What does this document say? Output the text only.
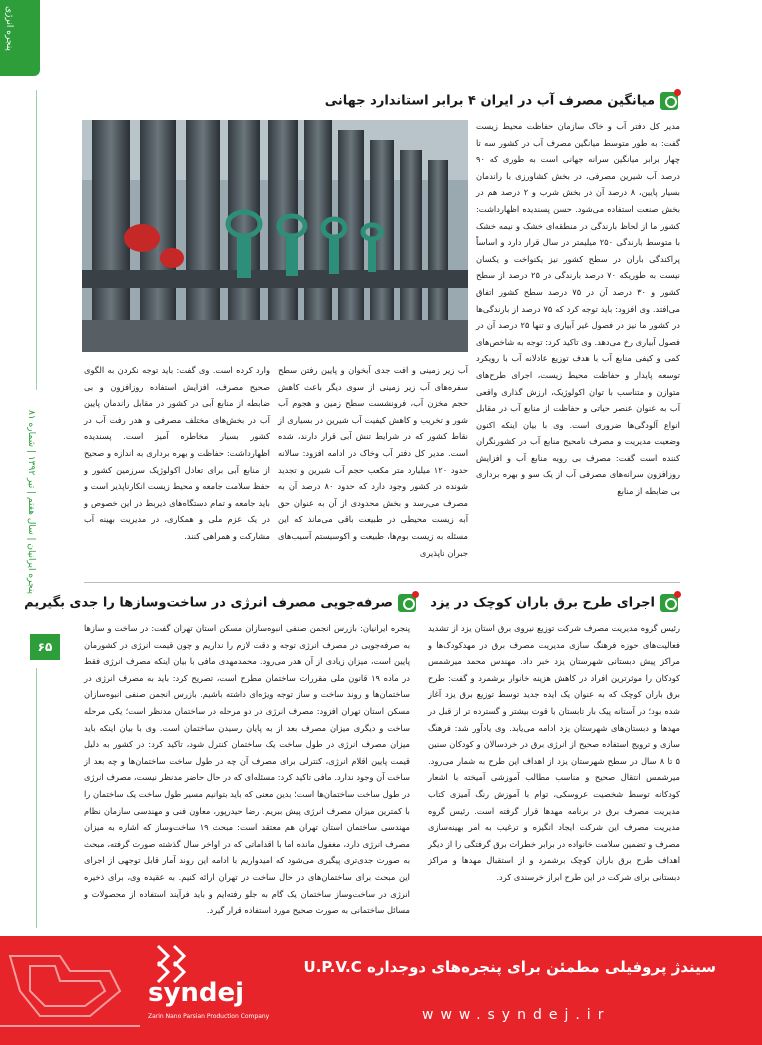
پنجره انرژی
پنجره ایرانیان | سال هفتم | تیر ۱۳۹۲ | شماره ۸۱
۶۵
میانگین مصرف آب در ایران ۴ برابر استاندارد جهانی
مدیر کل دفتر آب و خاک سازمان حفاظت محیط زیست گفت: به طور متوسط میانگین مصرف آب در کشور سه تا چهار برابر میانگین سرانه جهانی است به طوری که ۹۰ درصد آب شیرین مصرفی، در بخش کشاورزی با راندمان بسیار پایین، ۸ درصد آن در بخش شرب و ۲ درصد هم در بخش صنعت استفاده می‌شود. حسن پسندیده اظهارداشت: کشور ما از لحاظ بارندگی در منطقه‌ای خشک و نیمه خشک با متوسط بارندگی ۲۵۰ میلیمتر در سال قرار دارد و اساساً پراکندگی باران در سطح کشور نیز یکنواخت و یکسان نیست به طوریکه ۷۰ درصد بارندگی در ۲۵ درصد از سطح کشور و ۳۰ درصد آن در ۷۵ درصد سطح کشور اتفاق می‌افتد. وی افزود: باید توجه کرد که ۷۵ درصد از بارندگی‌ها در کشور ما نیز در فصول غیر آبیاری و تنها ۲۵ درصد آن در فصول آبیاری رخ می‌دهد. وی تاکید کرد: توجه به شاخص‌های کمی و کیفی منابع آب با هدف توزیع عادلانه آب با رویکرد توسعه پایدار و حفاظت محیط زیست، اجرای طرح‌های متوازن و متناسب با توان اکولوژیک، ارزش گذاری واقعی آب به عنوان عنصر حیاتی و حفاظت از منابع آب در مقابل انواع آلودگی‌ها ضروری است. وی با بیان اینکه اکنون وضعیت مدیریت و مصرف نامحیح منابع آب در کشورنگران کننده است گفت: مصرف بی رویه منابع آب و افزایش روزافزون سرانه‌های مصرفی آب از یک سو و بهره برداری بی ضابطه از منابع
آب زیر زمینی و افت جدی آبخوان و پایین رفتن سطح سفره‌های آب زیر زمینی از سوی دیگر باعث کاهش حجم مخزن آب، فرونشست سطح زمین و هجوم آب شور و تخریب و کاهش کیفیت آب شیرین در بسیاری از نقاط کشور که در شرایط تنش آبی قرار دارند، شده است. مدیر کل دفتر آب وخاک در ادامه افزود: سالانه حدود ۱۲۰ میلیارد متر مکعب حجم آب شیرین و تجدید شونده در کشور وجود دارد که حدود ۸۰ درصد آن به مصرف می‌رسد و بخش محدودی از آن به عنوان حق آبه زیست محیطی در طبیعت باقی می‌ماند که این مسئله به زیست بوم‌ها، طبیعت و اکوسیستم آسیب‌های جبران ناپذیری
وارد کرده است. وی گفت: باید توجه نکردن به الگوی صحیح مصرف، افزایش استفاده روزافزون و بی ضابطه از منابع آبی در کشور در مقابل راندمان پایین آب در بخش‌های مختلف مصرفی و هدر رفت آب در کشور بسیار مخاطره آمیز است. پسندیده اظهارداشت: حفاظت و بهره برداری به اندازه و صحیح از منابع آبی برای تعادل اکولوژیک سرزمین کشور و حفظ سلامت جامعه و محیط زیست انکارناپذیر است و باید جامعه و تمام دستگاه‌های ذیربط در این خصوص و در یک عزم ملی و همکاری، در مدیریت بهینه آب مشارکت و همراهی کنند.
اجرای طرح برق باران کوچک در یزد
رئیس گروه مدیریت مصرف شرکت توزیع نیروی برق استان یزد از تشدید فعالیت‌های حوزه فرهنگ سازی مدیریت مصرف برق در مهدکودک‌ها و مراکز پیش دبستانی شهرستان یزد خبر داد. مهندس محمد میرشمس کودکان را موثرترین افراد در کاهش هزینه خانوار برشمرد و گفت: طرح برق باران کوچک که به عنوان یک ایده جدید توسط توزیع برق یزد آغاز شده بود؛ در آستانه پیک بار تابستان با قوت بیشتر و گسترده تر از قبل در مهدها و دبستان‌های شهرستان یزد ادامه می‌یابد. وی یادآور شد: فرهنگ سازی و ترویج استفاده صحیح از انرژی برق در خردسالان و کودکان سنین ۵ تا ۸ سال در سطح شهرستان یزد از اهداف این طرح به شمار می‌رود. میرشمس انتقال صحیح و مناسب مطالب آموزشی آمیخته با اشعار کودکانه توسط شخصیت عروسکی، توام با آموزش رنگ آمیزی کتاب مدیریت مصرف برق در برنامه مهدها قرار گرفته است. رئیس گروه مدیریت مصرف این شرکت ایجاد انگیزه و ترغیب به امر بهینه‌سازی مصرف و تضمین سلامت خانواده در برابر خطرات برق گرفتگی را از دیگر اهداف طرح برق باران کوچک برشمرد و از استقبال مهدها و مراکز دبستانی برای شرکت در این طرح ابراز خرسندی کرد.
صرفه‌جویی مصرف انرژی در ساخت‌وسازها را جدی بگیریم
پنجره ایرانیان: بازرس انجمن صنفی انبوه‌سازان مسکن استان تهران گفت: در ساخت و سازها به صرفه‌جویی در مصرف انرژی توجه و دقت لازم را نداریم و چون قیمت انرژی در کشورمان پایین است، میزان زیادی از آن هدر می‌رود. محمدمهدی مافی با بیان اینکه مصرف انرژی فقط در ماده ۱۹ قانون ملی مقررات ساختمان مطرح است، تصریح کرد: باید به مصرف انرژی در ساختمان‌ها و روند ساخت و ساز توجه ویژه‌ای داشته باشیم. بازرس انجمن صنفی انبوه‌سازان مسکن استان تهران افزود: مصرف انرژی در دو مرحله در ساختمان مدنظر است؛ یکی مرحله ساخت و دیگری میزان مصرف بعد از به پایان رسیدن ساختمان است. وی با بیان اینکه باید میزان مصرف انرژی در طول ساخت یک ساختمان کنترل شود، تاکید کرد: در کشور به دلیل قیمت پایین اقلام انرژی، کنترلی برای مصرف آن چه در طول ساخت ساختمان‌ها و چه بعد از ساخت آن وجود ندارد. مافی تاکید کرد: مسئله‌ای که در حال حاضر مدنظر نیست، مصرف انرژی در طول ساخت ساختمان‌ها است؛ بدین معنی که باید بتوانیم مسیر طول ساخت یک ساختمان را با کمترین میزان مصرف انرژی پیش ببریم. رضا حیدرپور، معاون فنی و مهندسی سازمان نظام مهندسی ساختمان استان تهران هم معتقد است: مبحث ۱۹ ساخت‌وساز که اشاره به میزان مصرف انرژی دارد، مغفول مانده اما با اقداماتی که در اواخر سال گذشته صورت گرفته، مبحث به صورت جدی‌تری پیگیری می‌شود که امیدواریم با ادامه این روند آمار قابل توجهی از اجرای این مبحث برای ساختمان‌های در حال ساخت در تهران ارائه کنیم. به عقیده وی، برای ذخیره انرژی در ساخت‌وساز ساختمان یک گام به جلو رفته‌ایم و باید فرآیند استفاده از محصولات و مسائل ساختمانی به صورت صحیح مورد استفاده قرار گیرد.
syndej
Zarin Nano Parsian Production Company
سیندژ پروفیلی مطمئن برای پنجره‌های دوجداره U.P.V.C
www.syndej.ir
